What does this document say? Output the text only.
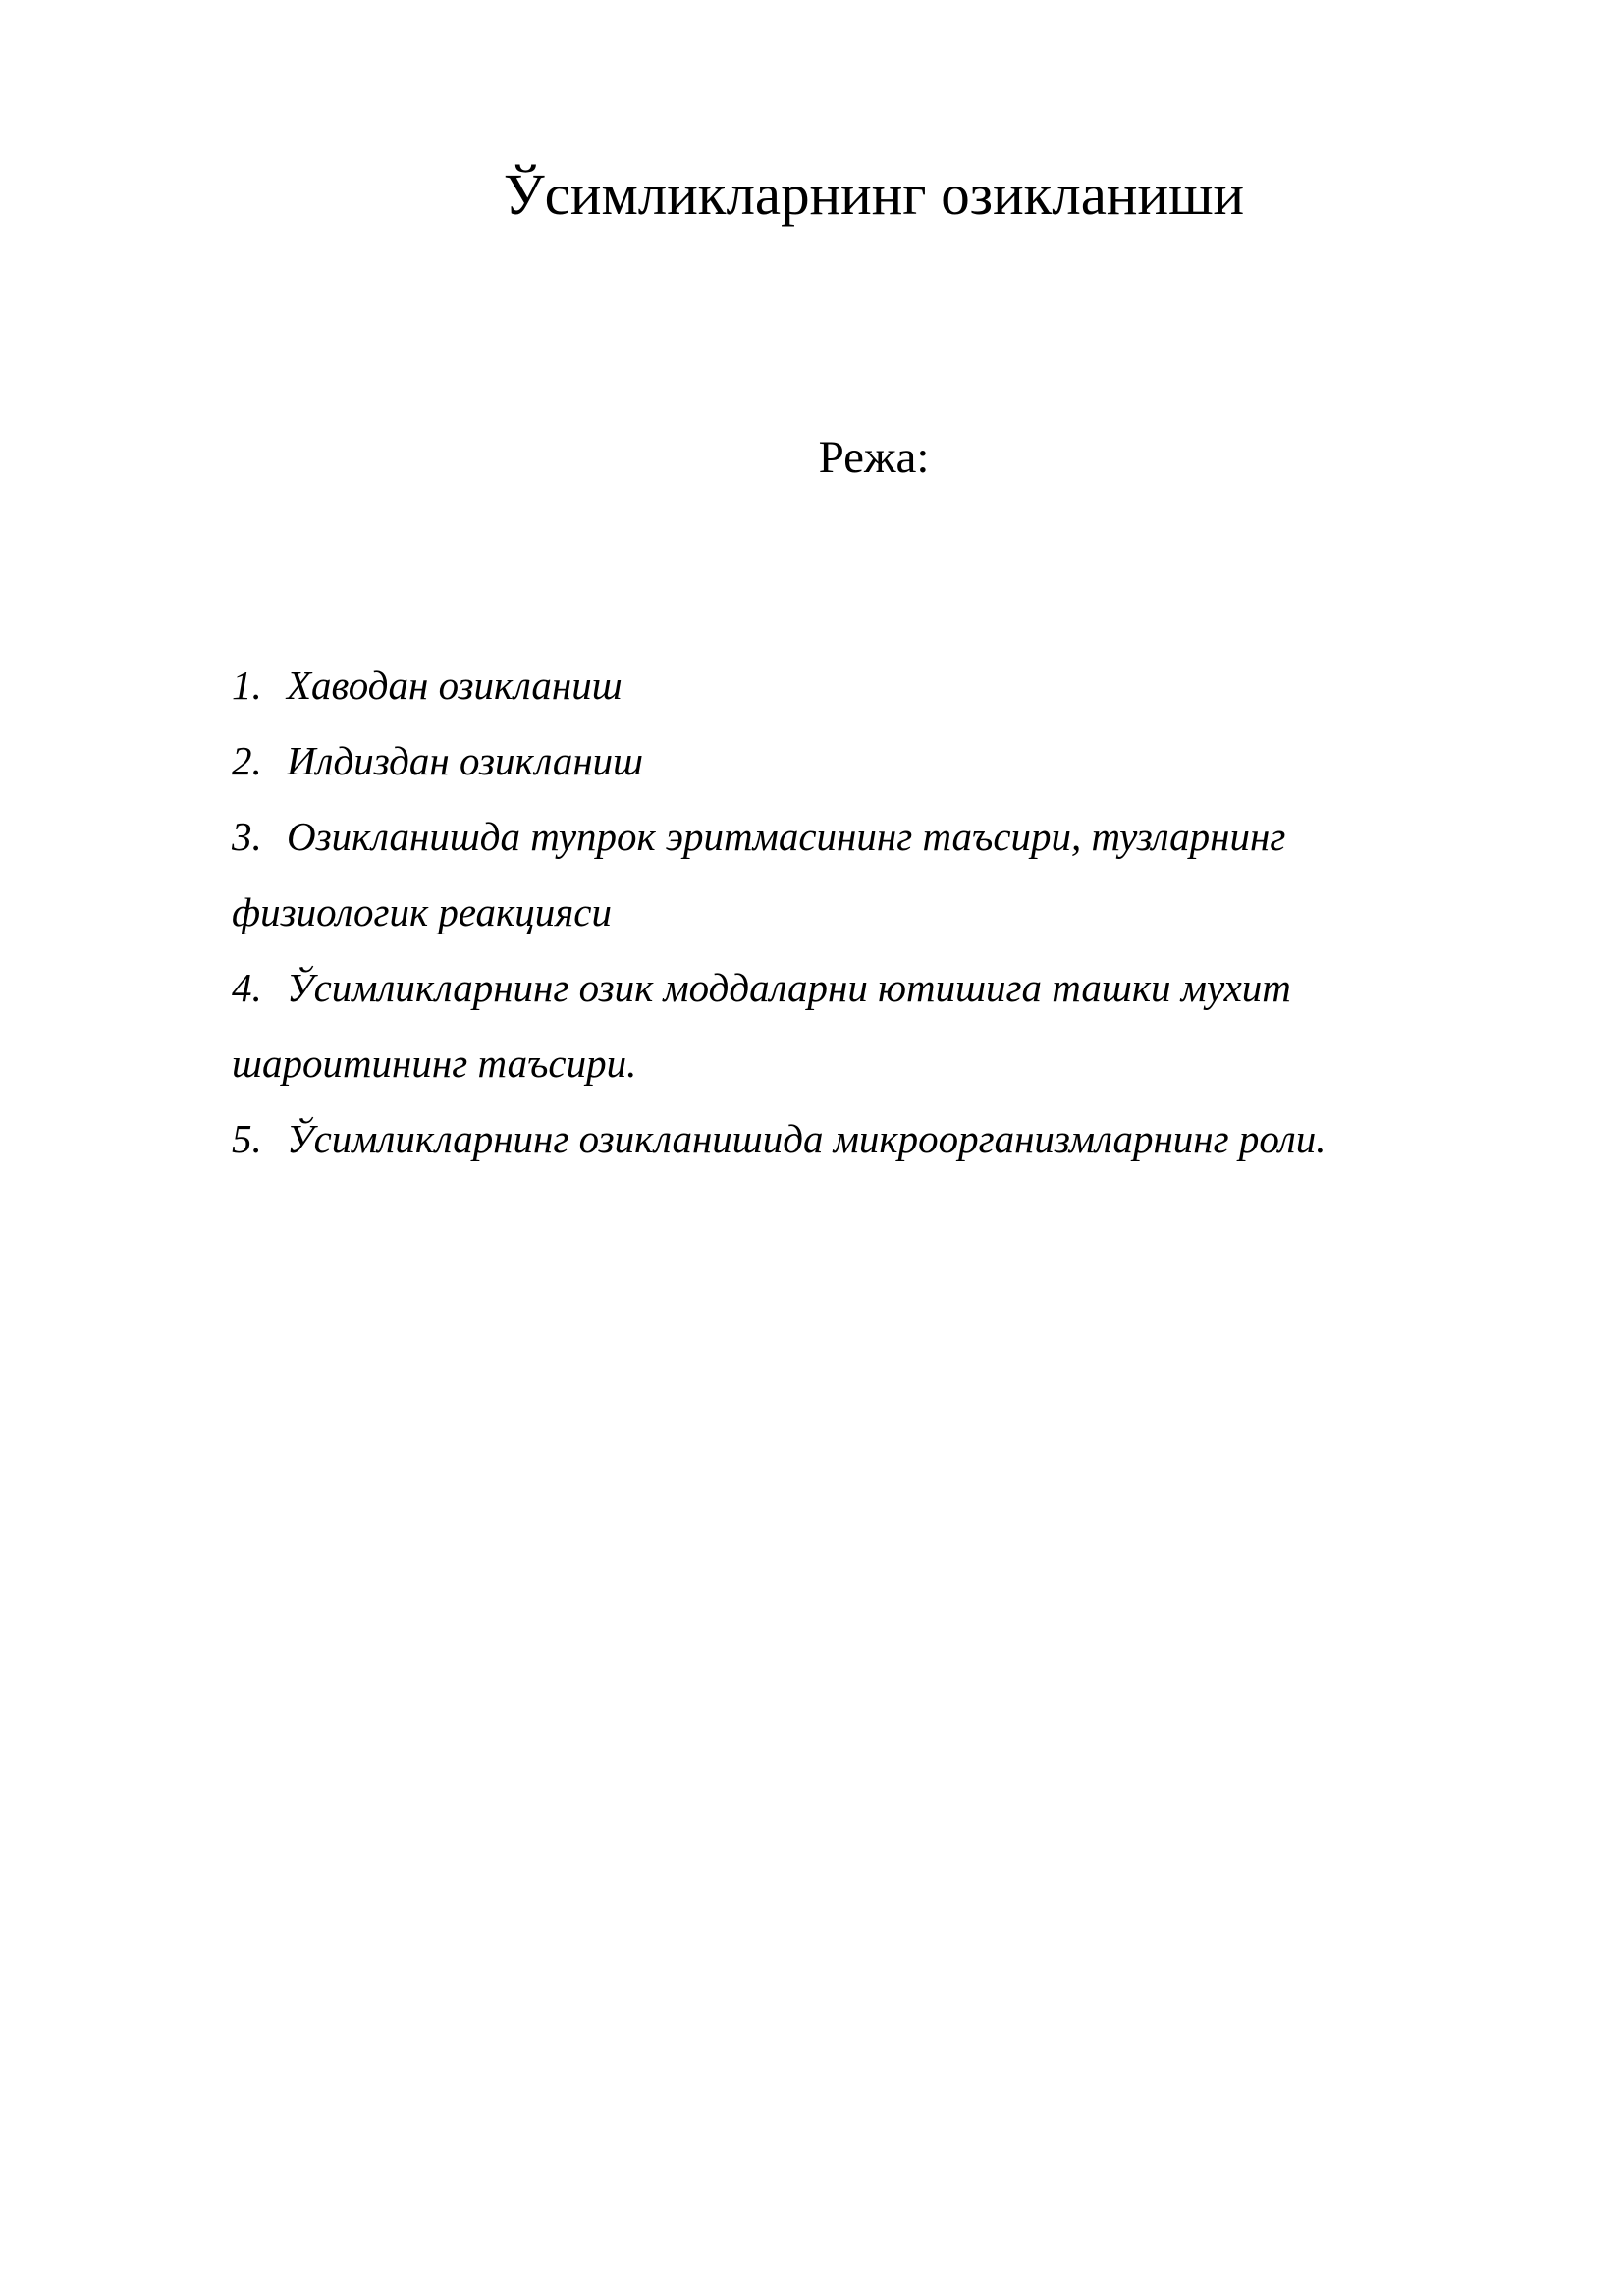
Ўсимликларнинг озикланиши
Режа:
1. Хаводан озикланиш
2. Илдиздан озикланиш
3. Озикланишда тупрок эритмасининг таъсири, тузларнинг физиологик реакцияси
4. Ўсимликларнинг озик моддаларни ютишига ташки мухит шароитининг таъсири.
5. Ўсимликларнинг озикланишида микроорганизмларнинг роли.
